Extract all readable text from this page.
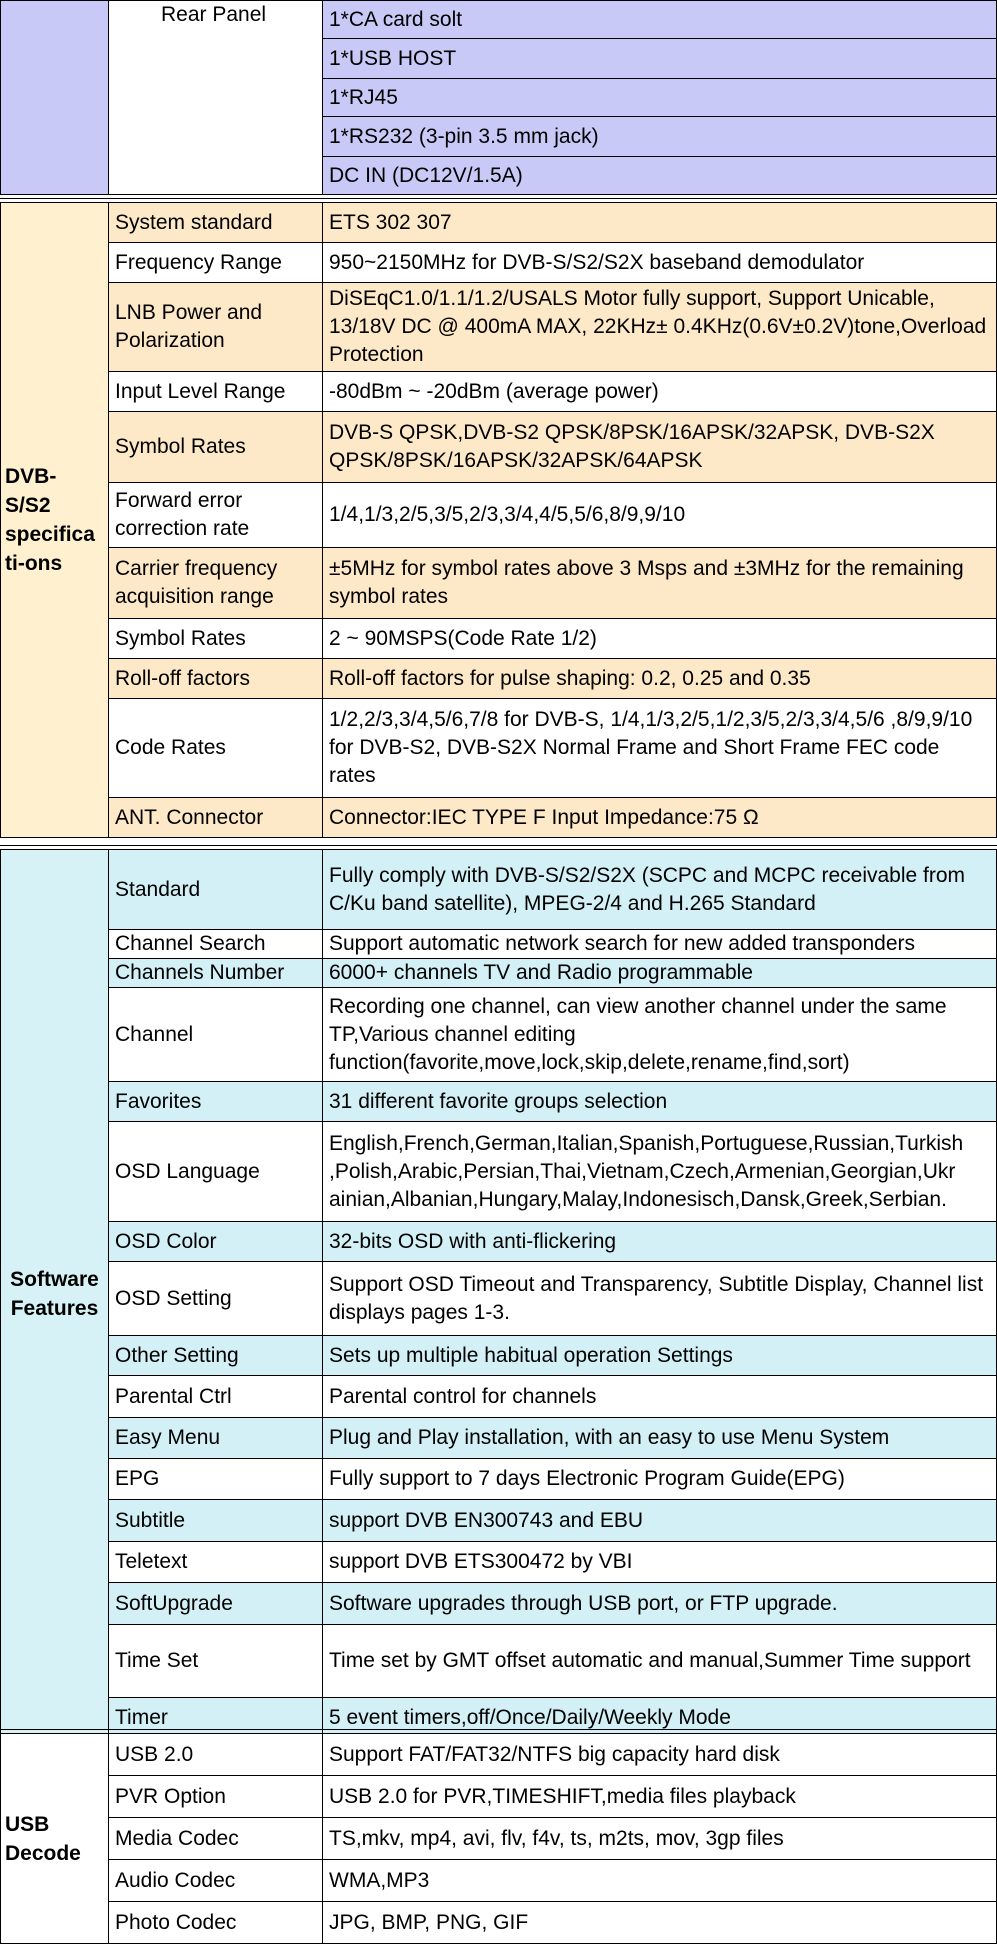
	Rear Panel	1*CA card solt
1*USB HOST
1*RJ45
1*RS232 (3-pin 3.5 mm jack)
DC IN (DC12V/1.5A)
DVB-
S/S2
specifica
ti-ons	System standard	ETS 302 307
	Frequency Range	950~2150MHz for DVB-S/S2/S2X baseband demodulator
	LNB Power and Polarization	DiSEqC1.0/1.1/1.2/USALS Motor fully support, Support Unicable, 13/18V DC @ 400mA MAX, 22KHz± 0.4KHz(0.6V±0.2V)tone,Overload Protection
	Input Level Range	-80dBm ~ -20dBm (average power)
	Symbol Rates	DVB-S QPSK,DVB-S2 QPSK/8PSK/16APSK/32APSK, DVB-S2X QPSK/8PSK/16APSK/32APSK/64APSK
	Forward error correction rate	1/4,1/3,2/5,3/5,2/3,3/4,4/5,5/6,8/9,9/10
	Carrier frequency acquisition range	±5MHz for symbol rates above 3 Msps and ±3MHz for the remaining symbol rates
	Symbol Rates	2 ~ 90MSPS(Code Rate 1/2)
	Roll-off factors	Roll-off factors for pulse shaping: 0.2, 0.25 and 0.35
	Code Rates	1/2,2/3,3/4,5/6,7/8 for DVB-S, 1/4,1/3,2/5,1/2,3/5,2/3,3/4,5/6 ,8/9,9/10 for DVB-S2, DVB-S2X Normal Frame and Short Frame FEC code rates
	ANT. Connector	Connector:IEC TYPE F Input Impedance:75 Ω
Software
Features	Standard	Fully comply with DVB-S/S2/S2X (SCPC and MCPC receivable from C/Ku band satellite), MPEG-2/4 and H.265 Standard
	Channel Search	Support automatic network search for new added transponders
	Channels Number	6000+ channels TV and Radio programmable
	Channel	Recording one channel, can view another channel under the same TP,Various channel editing function(favorite,move,lock,skip,delete,rename,find,sort)
	Favorites	31 different favorite groups selection
	OSD Language	English,French,German,Italian,Spanish,Portuguese,Russian,Turkish ,Polish,Arabic,Persian,Thai,Vietnam,Czech,Armenian,Georgian,Ukr ainian,Albanian,Hungary,Malay,Indonesisch,Dansk,Greek,Serbian.
	OSD Color	32-bits OSD with anti-flickering
	OSD Setting	Support OSD Timeout and Transparency, Subtitle Display, Channel list displays pages 1-3.
	Other Setting	Sets up multiple habitual operation Settings
	Parental Ctrl	Parental control for channels
	Easy Menu	Plug and Play installation, with an easy to use Menu System
	EPG	Fully support to 7 days Electronic Program Guide(EPG)
	Subtitle	support DVB EN300743 and EBU
	Teletext	support DVB ETS300472 by VBI
	SoftUpgrade	Software upgrades through USB port, or FTP upgrade.
	Time Set	Time set by GMT offset automatic and manual,Summer Time support
	Timer	5 event timers,off/Once/Daily/Weekly Mode
USB
Decode	USB 2.0	Support FAT/FAT32/NTFS big capacity hard disk
	PVR Option	USB 2.0 for PVR,TIMESHIFT,media files playback
	Media Codec	TS,mkv, mp4, avi, flv, f4v, ts, m2ts, mov, 3gp files
	Audio Codec	WMA,MP3
	Photo Codec	JPG, BMP, PNG, GIF
